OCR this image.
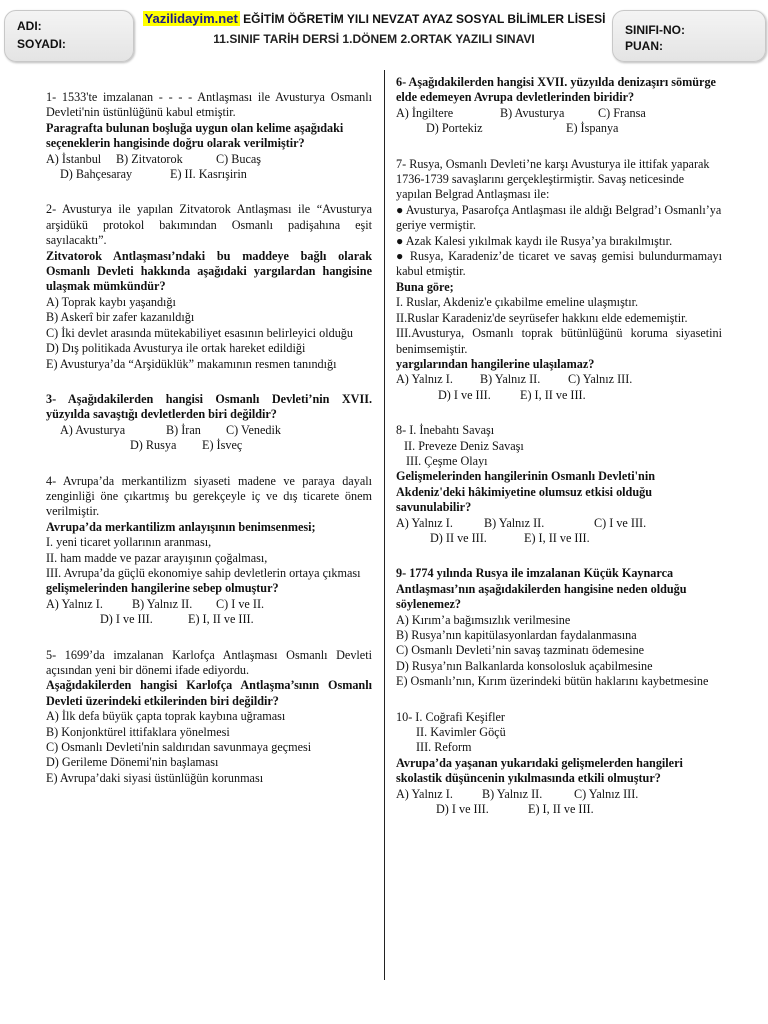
ADI:
SOYADI:
Yazilidayim.net EĞİTİM ÖĞRETİM YILI NEVZAT AYAZ SOSYAL BİLİMLER LİSESİ
11.SINIF TARİH DERSİ 1.DÖNEM 2.ORTAK YAZILI SINAVI
SINIFI-NO:
PUAN:

1- 1533'te imzalanan - - - - Antlaşması ile Avusturya Osmanlı Devleti'nin üstünlüğünü kabul etmiştir.

Paragrafta bulunan boşluğa uygun olan kelime aşağıdaki

seçeneklerin hangisinde doğru olarak verilmiştir?

A) İstanbul	B) Zitvatorok	C) Bucaş
D) Bahçesaray	E) II. Kasrışirin

2- Avusturya ile yapılan Zitvatorok Antlaşması ile “Avusturya arşidükü protokol bakımından Osmanlı padişahına eşit sayılacaktı”.

Zitvatorok Antlaşması’ndaki bu maddeye bağlı olarak Osmanlı Devleti hakkında aşağıdaki yargılardan hangisine ulaşmak mümkündür?

A) Toprak kaybı yaşandığı

B) Askerî bir zafer kazanıldığı

C) İki devlet arasında mütekabiliyet esasının belirleyici olduğu

D) Dış politikada Avusturya ile ortak hareket edildiği

E) Avusturya’da “Arşidüklük” makamının resmen tanındığı

3- Aşağıdakilerden hangisi Osmanlı Devleti’nin XVII. yüzyılda savaştığı devletlerden biri değildir?

A) Avusturya	B) İran	C) Venedik
D) Rusya	E) İsveç

4- Avrupa’da merkantilizm siyaseti madene ve paraya dayalı zenginliği öne çıkartmış bu gerekçeyle iç ve dış ticarete önem verilmiştir.

Avrupa’da merkantilizm anlayışının benimsenmesi;

I. yeni ticaret yollarının aranması,

II. ham madde ve pazar arayışının çoğalması,

III. Avrupa’da güçlü ekonomiye sahip devletlerin ortaya çıkması

gelişmelerinden hangilerine sebep olmuştur?

A) Yalnız I.	B) Yalnız II.	C) I ve II.
D) I ve III.	E) I, II ve III.

5- 1699’da imzalanan Karlofça Antlaşması Osmanlı Devleti açısından yeni bir dönemi ifade ediyordu.

Aşağıdakilerden hangisi Karlofça Antlaşma’sının Osmanlı Devleti üzerindeki etkilerinden biri değildir?

A) İlk defa büyük çapta toprak kaybına uğraması

B) Konjonktürel ittifaklara yönelmesi

C) Osmanlı Devleti'nin saldırıdan savunmaya geçmesi

D) Gerileme Dönemi'nin başlaması

E) Avrupa’daki siyasi üstünlüğün korunması

6- Aşağıdakilerden hangisi XVII. yüzyılda denizaşırı sömürge elde edemeyen Avrupa devletlerinden biridir?

A) İngiltere	B) Avusturya	C) Fransa
D) Portekiz	E) İspanya

7- Rusya, Osmanlı Devleti’ne karşı Avusturya ile ittifak yaparak 1736-1739 savaşlarını gerçekleştirmiştir. Savaş neticesinde yapılan Belgrad Antlaşması ile:

● Avusturya, Pasarofça Antlaşması ile aldığı Belgrad’ı Osmanlı’ya geriye vermiştir.

● Azak Kalesi yıkılmak kaydı ile Rusya’ya bırakılmıştır.

● Rusya, Karadeniz’de ticaret ve savaş gemisi bulundurmamayı kabul etmiştir.

Buna göre;

I. Ruslar, Akdeniz'e çıkabilme emeline ulaşmıştır.

II.Ruslar Karadeniz'de seyrüsefer hakkını elde edememiştir.

III.Avusturya, Osmanlı toprak bütünlüğünü koruma siyasetini benimsemiştir.

yargılarından hangilerine ulaşılamaz?

A) Yalnız I.	B) Yalnız II.	C) Yalnız III.
D) I ve III.	E) I, II ve III.

8- I. İnebahtı Savaşı

II. Preveze Deniz Savaşı

III. Çeşme Olayı

Gelişmelerinden hangilerinin Osmanlı Devleti'nin Akdeniz'deki hâkimiyetine olumsuz etkisi olduğu savunulabilir?

A) Yalnız I.	B) Yalnız II.	C) I ve III.
D) II ve III.	E) I, II ve III.

9- 1774 yılında Rusya ile imzalanan Küçük Kaynarca Antlaşması’nın aşağıdakilerden hangisine neden olduğu söylenemez?

A) Kırım’a bağımsızlık verilmesine

B) Rusya’nın kapitülasyonlardan faydalanmasına

C) Osmanlı Devleti’nin savaş tazminatı ödemesine

D) Rusya’nın Balkanlarda konsolosluk açabilmesine

E) Osmanlı’nın, Kırım üzerindeki bütün haklarını kaybetmesine

10- I. Coğrafi Keşifler

II. Kavimler Göçü

III. Reform

Avrupa’da yaşanan yukarıdaki gelişmelerden hangileri skolastik düşüncenin yıkılmasında etkili olmuştur?

A) Yalnız I.	B) Yalnız II.	C) Yalnız III.
D) I ve III.	E) I, II ve III.
